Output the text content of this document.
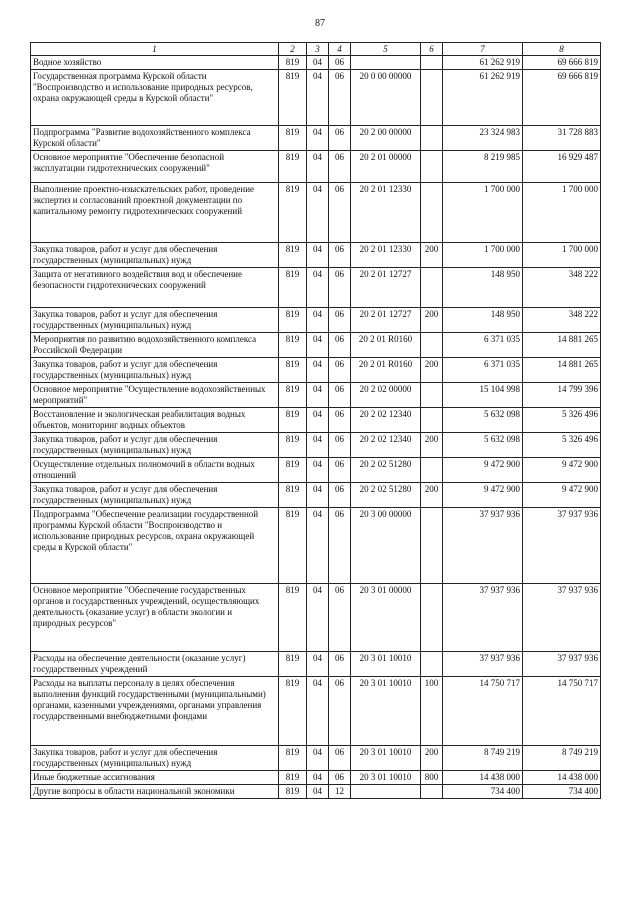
87
1	2	3	4	5	6	7	8
Водное хозяйство	819	04	06			61 262 919	69 666 819
Государственная программа Курской области "Воспроизводство и использование природных ресурсов, охрана окружающей среды в Курской области"	819	04	06	20 0 00 00000		61 262 919	69 666 819
Подпрограмма "Развитие водохозяйственного комплекса Курской области"	819	04	06	20 2 00 00000		23 324 983	31 728 883
Основное мероприятие "Обеспечение безопасной эксплуатации гидротехнических сооружений"	819	04	06	20 2 01 00000		8 219 985	16 929 487
Выполнение проектно-изыскательских работ, проведение экспертиз и согласований проектной документации по капитальному ремонту гидротехнических сооружений	819	04	06	20 2 01 12330		1 700 000	1 700 000
Закупка товаров, работ и услуг для обеспечения государственных (муниципальных) нужд	819	04	06	20 2 01 12330	200	1 700 000	1 700 000
Защита от негативного воздействия вод и обеспечение безопасности гидротехнических сооружений	819	04	06	20 2 01 12727		148 950	348 222
Закупка товаров, работ и услуг для обеспечения государственных (муниципальных) нужд	819	04	06	20 2 01 12727	200	148 950	348 222
Мероприятия по развитию водохозяйственного комплекса Российской Федерации	819	04	06	20 2 01 R0160		6 371 035	14 881 265
Закупка товаров, работ и услуг для обеспечения государственных (муниципальных) нужд	819	04	06	20 2 01 R0160	200	6 371 035	14 881 265
Основное мероприятие "Осуществление водохозяйственных мероприятий"	819	04	06	20 2 02 00000		15 104 998	14 799 396
Восстановление и экологическая реабилитация водных объектов, мониторинг водных объектов	819	04	06	20 2 02 12340		5 632 098	5 326 496
Закупка товаров, работ и услуг для обеспечения государственных (муниципальных) нужд	819	04	06	20 2 02 12340	200	5 632 098	5 326 496
Осуществление отдельных полномочий в области водных отношений	819	04	06	20 2 02 51280		9 472 900	9 472 900
Закупка товаров, работ и услуг для обеспечения государственных (муниципальных) нужд	819	04	06	20 2 02 51280	200	9 472 900	9 472 900
Подпрограмма "Обеспечение реализации государственной программы Курской области "Воспроизводство и использование природных ресурсов, охрана окружающей среды в Курской области"	819	04	06	20 3 00 00000		37 937 936	37 937 936
Основное мероприятие "Обеспечение государственных органов и государственных учреждений, осуществляющих деятельность (оказание услуг) в области экологии и природных ресурсов"	819	04	06	20 3 01 00000		37 937 936	37 937 936
Расходы на обеспечение деятельности (оказание услуг) государственных учреждений	819	04	06	20 3 01 10010		37 937 936	37 937 936
Расходы на выплаты персоналу в целях обеспечения выполнения функций государственными (муниципальными) органами, казенными учреждениями, органами управления государственными внебюджетными фондами	819	04	06	20 3 01 10010	100	14 750 717	14 750 717
Закупка товаров, работ и услуг для обеспечения государственных (муниципальных) нужд	819	04	06	20 3 01 10010	200	8 749 219	8 749 219
Иные бюджетные ассигнования	819	04	06	20 3 01 10010	800	14 438 000	14 438 000
Другие вопросы в области национальной экономики	819	04	12			734 400	734 400
